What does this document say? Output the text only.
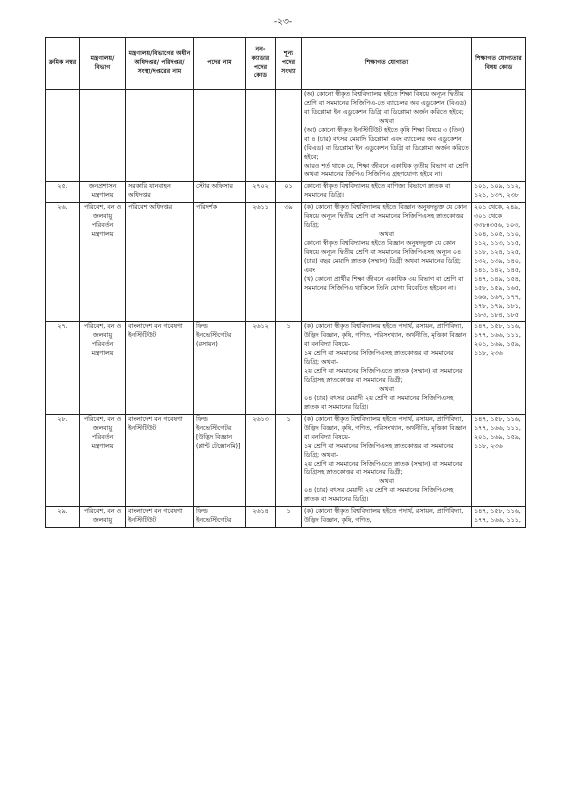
-২৩-
ক্রমিক নম্বর	মন্ত্রণালয়/ বিভাগ	মন্ত্রণালয়/বিভাগের অধীন অধিদপ্তর/ পরিদপ্তর/ সংস্থা/দপ্তরের নাম	পদের নাম	নন-ক্যাডার পদের কোড	শূন্য পদের সংখ্যা	শিক্ষাগত যোগ্যতা	শিক্ষাগত যোগ্যতার বিষয় কোড

						(অ) কোনো স্বীকৃত বিশ্ববিদ্যালয় হইতে শিক্ষা বিষয়ে অন্যূন দ্বিতীয় শ্রেণি বা সমমানের সিজিপিএ-তে ব্যাচেলর অব এডুকেশন (বিএড) বা ডিপ্লোমা ইন এডুকেশন ডিগ্রি বা ডিপ্লোমা অর্জন করিতে হইবে;
অথবা
(আ) কোনো স্বীকৃত ইনস্টিটিউট হইতে কৃষি শিক্ষা বিষয়ে ৩ (তিন) বা ৪ (চার) বৎসর মেয়াদি ডিপ্লোমা এবং ব্যাচেলর অব এডুকেশন (বিএড) বা ডিপ্লোমা ইন এডুকেশন ডিগ্রি বা ডিপ্লোমা অর্জন করিতে হইবে;
আরও শর্ত থাকে যে, শিক্ষা জীবনে একাধিক তৃতীয় বিভাগ বা শ্রেণি অথবা সমমানের জিপিএ সিজিপিএ গ্রহণযোগ্য হইবে না।	

২৫.	জনপ্রশাসন মন্ত্রণালয়	সরকারি যানবাহন অধিদপ্তর	স্টোর অফিসার	২৭০২	০১	কোনো স্বীকৃত বিশ্ববিদ্যালয় হইতে বাণিজ্য বিভাগে স্নাতক বা সমমানের ডিগ্রি।	১০১, ১০৯, ১১২, ১২১, ১৩৭, ২৩৮
২৬.	পরিবেশ, বন ও জলবায়ু পরিবর্তন মন্ত্রণালয়	পরিবেশ অধিদপ্তর	পরিদর্শক	২৬১১	৩৯	(ক) কোনো স্বীকৃত বিশ্ববিদ্যালয় হইতে বিজ্ঞান অনুষদভুক্ত যে কোন বিষয়ে অন্যূন দ্বিতীয় শ্রেণি বা সমমানের সিজিপিএসহ স্নাতকোত্তর ডিগ্রি;
অথবা
কোনো স্বীকৃত বিশ্ববিদ্যালয় হইতে বিজ্ঞান অনুষদভুক্ত যে কোন বিষয়ে অন্যূন দ্বিতীয় শ্রেণি বা সমমানের সিজিপিএসহ অন্যূন ০৪ (চার) বছর মেয়াদি স্নাতক (সম্মান) ডিগ্রী অথবা সমমানের ডিগ্রি; এবং
(খ) কোনো প্রার্থীর শিক্ষা জীবনে একাধিক ৩য় বিভাগ বা শ্রেণি বা সমমানের সিজিপিএ থাকিলে তিনি যোগ্য বিবেচিত হইবেন না।	২০১ থেকে, ২৪৯, ৩০১ থেকে ৩৩৮ঃ৩৫৬, ১০৩, ১০৪, ১০৫, ১১০, ১১২, ১১৩, ১১৫, ১১৮, ১২৪, ১২৫, ১৩২, ১৩৯, ১৪০, ১৪১, ১৪২, ১৪৫, ১৪৭, ১৪৯, ১৫৪, ১৫৮, ১৫৯, ১৬৫, ১৬৬, ১৬৭, ১৭৭, ১৭৮, ১৭৯, ১৮১, ১৮৩, ১৮৪, ১৮৫
২৭.	পরিবেশ, বন ও জলবায়ু পরিবর্তন মন্ত্রণালয়	বাংলাদেশ বন গবেষণা ইনস্টিটিউট	ফিল্ড ইনভেস্টিগেটর (রসায়ন)	২৬১২	১	(ক) কোনো স্বীকৃত বিশ্ববিদ্যালয় হইতে পদার্থ, রসায়ন, প্রাণিবিদ্যা, উদ্ভিদ বিজ্ঞান, কৃষি, গণিত, পরিসংখ্যান, অর্থনীতি, মৃত্তিকা বিজ্ঞান বা বনবিদ্যা বিষয়ে-
১ম শ্রেণি বা সমমানের সিজিপিএসহ স্নাতকোত্তর বা সমমানের ডিগ্রি; অথবা-
২য় শ্রেণি বা সমমানের সিজিপিএতে স্নাতক (সম্মান) বা সমমানের ডিগ্রিসহ স্নাতকোত্তর বা সমমানের ডিগ্রী;
অথবা
০৪ (চার) বৎসর মেয়াদী ২য় শ্রেণি বা সমমানের সিজিপিএসহ স্নাতক বা সমমানের ডিগ্রি।	১৪৭, ১৫৮, ১১৬, ১৭৭, ১৬৬, ১১১, ২০১, ১৬৯, ১৫৯, ১১৮, ২৩৬
২৮.	পরিবেশ, বন ও জলবায়ু পরিবর্তন মন্ত্রণালয়	বাংলাদেশ বন গবেষণা ইনস্টিটিউট	ফিল্ড ইনভেস্টিগেটর [উদ্ভিদ বিজ্ঞান (প্লান্ট টেক্সোনমি)]	২৬১৩	১	(ক) কোনো স্বীকৃত বিশ্ববিদ্যালয় হইতে পদার্থ, রসায়ন, প্রাণিবিদ্যা, উদ্ভিদ বিজ্ঞান, কৃষি, গণিত, পরিসংখ্যান, অর্থনীতি, মৃত্তিকা বিজ্ঞান বা বনবিদ্যা বিষয়ে-
১ম শ্রেণি বা সমমানের সিজিপিএসহ স্নাতকোত্তর বা সমমানের ডিগ্রি; অথবা-
২য় শ্রেণি বা সমমানের সিজিপিএতে স্নাতক (সম্মান) বা সমমানের ডিগ্রিসহ স্নাতকোত্তর বা সমমানের ডিগ্রী;
অথবা
০৪ (চার) বৎসর মেয়াদী ২য় শ্রেণি বা সমমানের সিজিপিএসহ স্নাতক বা সমমানের ডিগ্রি।	১৪৭, ১৫৮, ১১৬, ১৭৭, ১৬৬, ১১১, ২০১, ১৬৯, ১৫৯, ১১৮, ২৩৬
২৯.	পরিবেশ, বন ও জলবায়ু	বাংলাদেশ বন গবেষণা ইনস্টিটিউট	ফিল্ড ইনভেস্টিগেটর	২৬১৪	১	(ক) কোনো স্বীকৃত বিশ্ববিদ্যালয় হইতে পদার্থ, রসায়ন, প্রাণিবিদ্যা, উদ্ভিদ বিজ্ঞান, কৃষি, গণিত,	১৪৭, ১৫৮, ১১৬, ১৭৭, ১৬৬, ১১১,
